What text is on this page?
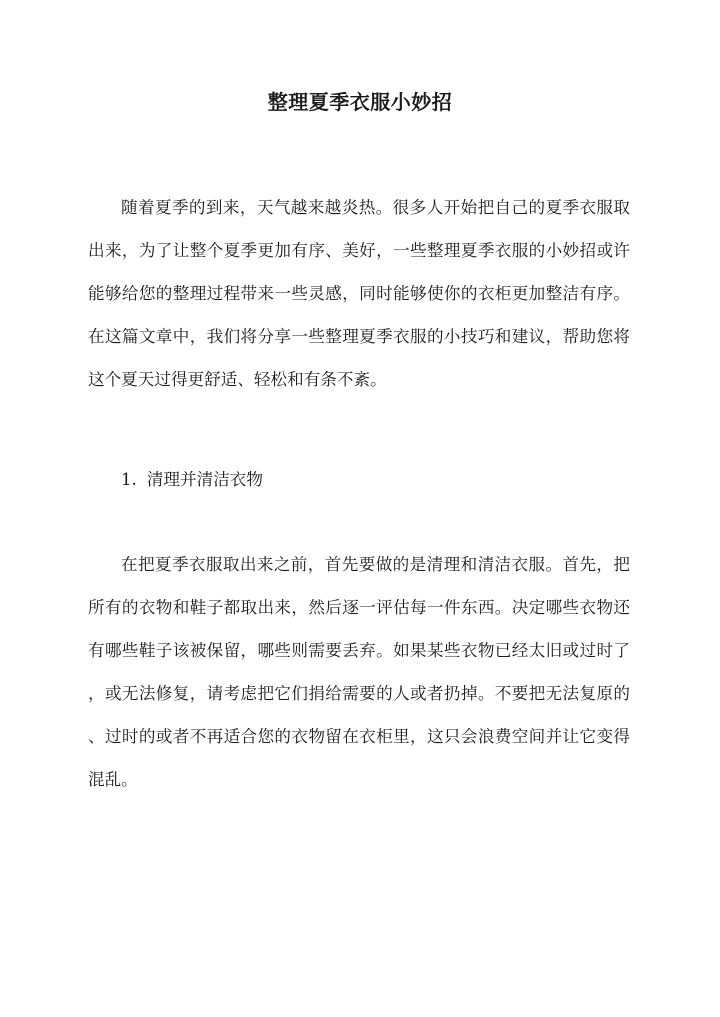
整理夏季衣服小妙招

随着夏季的到来，天气越来越炎热。很多人开始把自己的夏季衣服取
出来，为了让整个夏季更加有序、美好，一些整理夏季衣服的小妙招或许
能够给您的整理过程带来一些灵感，同时能够使你的衣柜更加整洁有序。
在这篇文章中，我们将分享一些整理夏季衣服的小技巧和建议，帮助您将
这个夏天过得更舒适、轻松和有条不紊。

1. 清理并清洁衣物

在把夏季衣服取出来之前，首先要做的是清理和清洁衣服。首先，把
所有的衣物和鞋子都取出来，然后逐一评估每一件东西。决定哪些衣物还
有哪些鞋子该被保留，哪些则需要丢弃。如果某些衣物已经太旧或过时了
，或无法修复，请考虑把它们捐给需要的人或者扔掉。不要把无法复原的
、过时的或者不再适合您的衣物留在衣柜里，这只会浪费空间并让它变得
混乱。
